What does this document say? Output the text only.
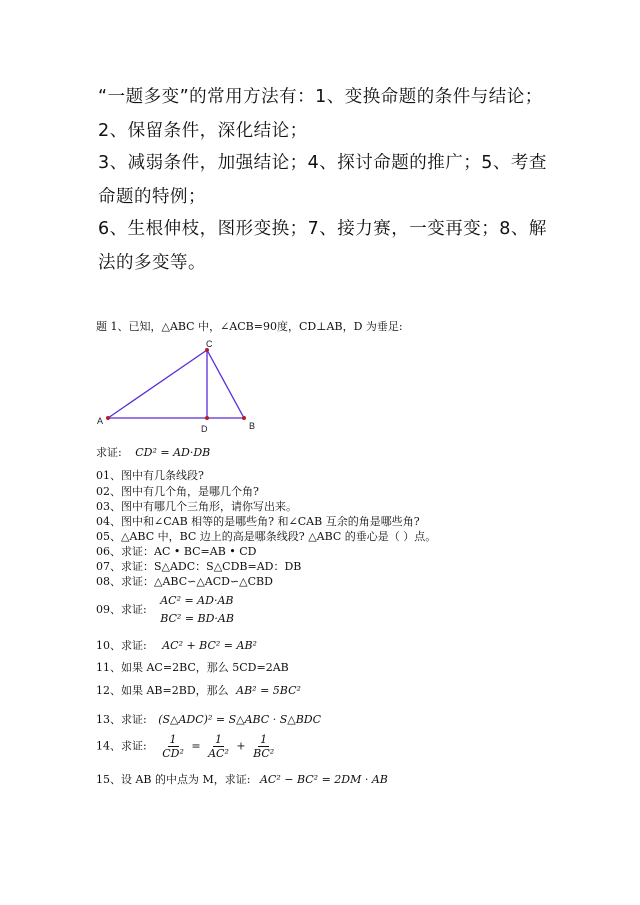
“一题多变”的常用方法有：1、变换命题的条件与结论；2、保留条件，深化结论；

3、减弱条件，加强结论；4、探讨命题的推广；5、考查命题的特例；

6、生根伸枝，图形变换；7、接力赛，一变再变；8、解法的多变等。

题 1、已知，△ABC 中，∠ACB=90度，CD⊥AB，D 为垂足:
C
A	B
D
求证: CD² = AD·DB
01、图中有几条线段?
02、图中有几个角，是哪几个角?
03、图中有哪几个三角形，请你写出来。
04、图中和∠CAB 相等的是哪些角? 和∠CAB 互余的角是哪些角?
05、△ABC 中，BC 边上的高是哪条线段? △ABC 的垂心是（ ）点。
06、求证：AC • BC=AB • CD
07、求证：S△ADC：S△CDB=AD：DB
08、求证：△ABC∽△ACD∽△CBD
09、求证:
AC² = AD·AB
BC² = BD·AB
10、求证: AC² + BC² = AB²
11、如果 AC=2BC，那么 5CD=2AB
12、如果 AB=2BD，那么 AB² = 5BC²
13、求证: (S△ADC)² = S△ABC · S△BDC
14、求证: $\frac{1}{\text{CD²}} = \frac{1}{\text{AC²}} + \frac{1}{\text{BC²}}$
15、设 AB 的中点为 M，求证: AC² − BC² = 2DM · AB
